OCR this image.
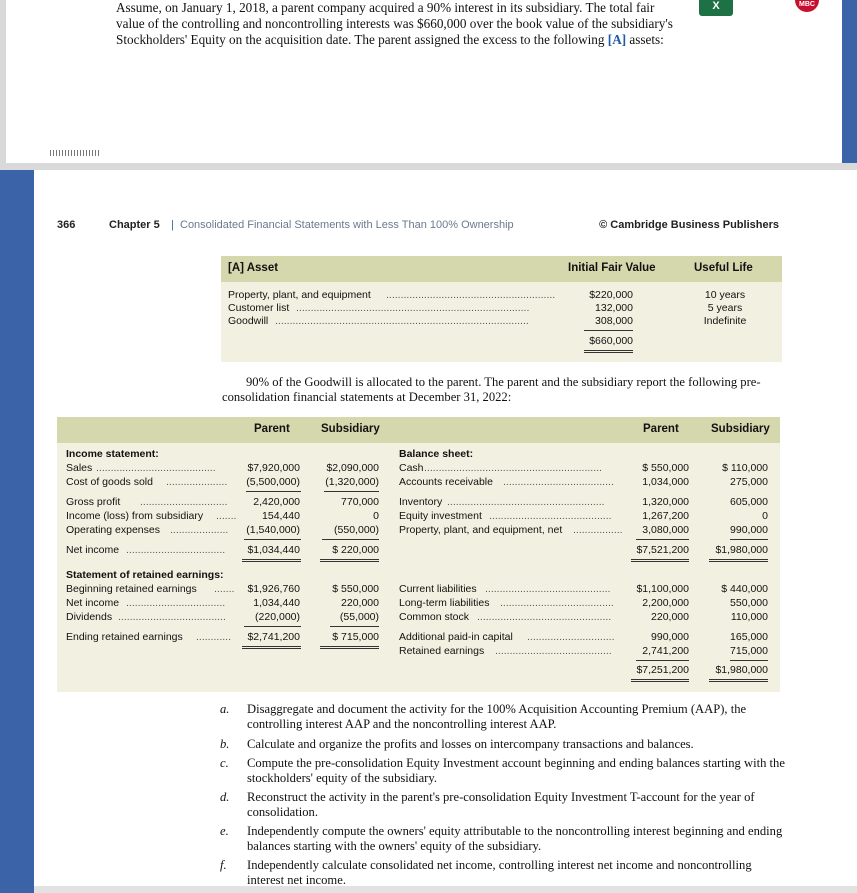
Assume, on January 1, 2018, a parent company acquired a 90% interest in its subsidiary. The total fair value of the controlling and noncontrolling interests was $660,000 over the book value of the subsidiary's Stockholders' Equity on the acquisition date. The parent assigned the excess to the following [A] assets:
X	MBC
366	Chapter 5 | Consolidated Financial Statements with Less Than 100% Ownership	© Cambridge Business Publishers
[A] Asset	Initial Fair Value	Useful Life
Property, plant, and equipment ..........................................................	$220,000	10 years
Customer list ................................................................................	132,000	5 years
Goodwill .......................................................................................	308,000	Indefinite
$660,000
90% of the Goodwill is allocated to the parent. The parent and the subsidiary report the following pre-consolidation financial statements at December 31, 2022:
Parent	Subsidiary	Parent	Subsidiary
Income statement:
Sales .........................................	$7,920,000	$2,090,000
Cost of goods sold .....................	(5,500,000)	(1,320,000)
Gross profit ..............................	2,420,000	770,000
Income (loss) from subsidiary .......	154,440	0
Operating expenses ....................	(1,540,000)	(550,000)
Net income ..................................	$1,034,440	$ 220,000
Statement of retained earnings:
Beginning retained earnings .......	$1,926,760	$ 550,000
Net income ..................................	1,034,440	220,000
Dividends .....................................	(220,000)	(55,000)
Ending retained earnings ............	$2,741,200	$ 715,000
Balance sheet:
Cash .............................................................	$ 550,000	$ 110,000
Accounts receivable ......................................	1,034,000	275,000
Inventory ......................................................	1,320,000	605,000
Equity investment ..........................................	1,267,200	0
Property, plant, and equipment, net .................	3,080,000	990,000
$7,521,200	$1,980,000
Current liabilities ...........................................	$1,100,000	$ 440,000
Long-term liabilities .......................................	2,200,000	550,000
Common stock ..............................................	220,000	110,000
Additional paid-in capital ..............................	990,000	165,000
Retained earnings ........................................	2,741,200	715,000
$7,251,200	$1,980,000
a. Disaggregate and document the activity for the 100% Acquisition Accounting Premium (AAP), the controlling interest AAP and the noncontrolling interest AAP.
b. Calculate and organize the profits and losses on intercompany transactions and balances.
c. Compute the pre-consolidation Equity Investment account beginning and ending balances starting with the stockholders' equity of the subsidiary.
d. Reconstruct the activity in the parent's pre-consolidation Equity Investment T-account for the year of consolidation.
e. Independently compute the owners' equity attributable to the noncontrolling interest beginning and ending balances starting with the owners' equity of the subsidiary.
f. Independently calculate consolidated net income, controlling interest net income and noncontrolling interest net income.
